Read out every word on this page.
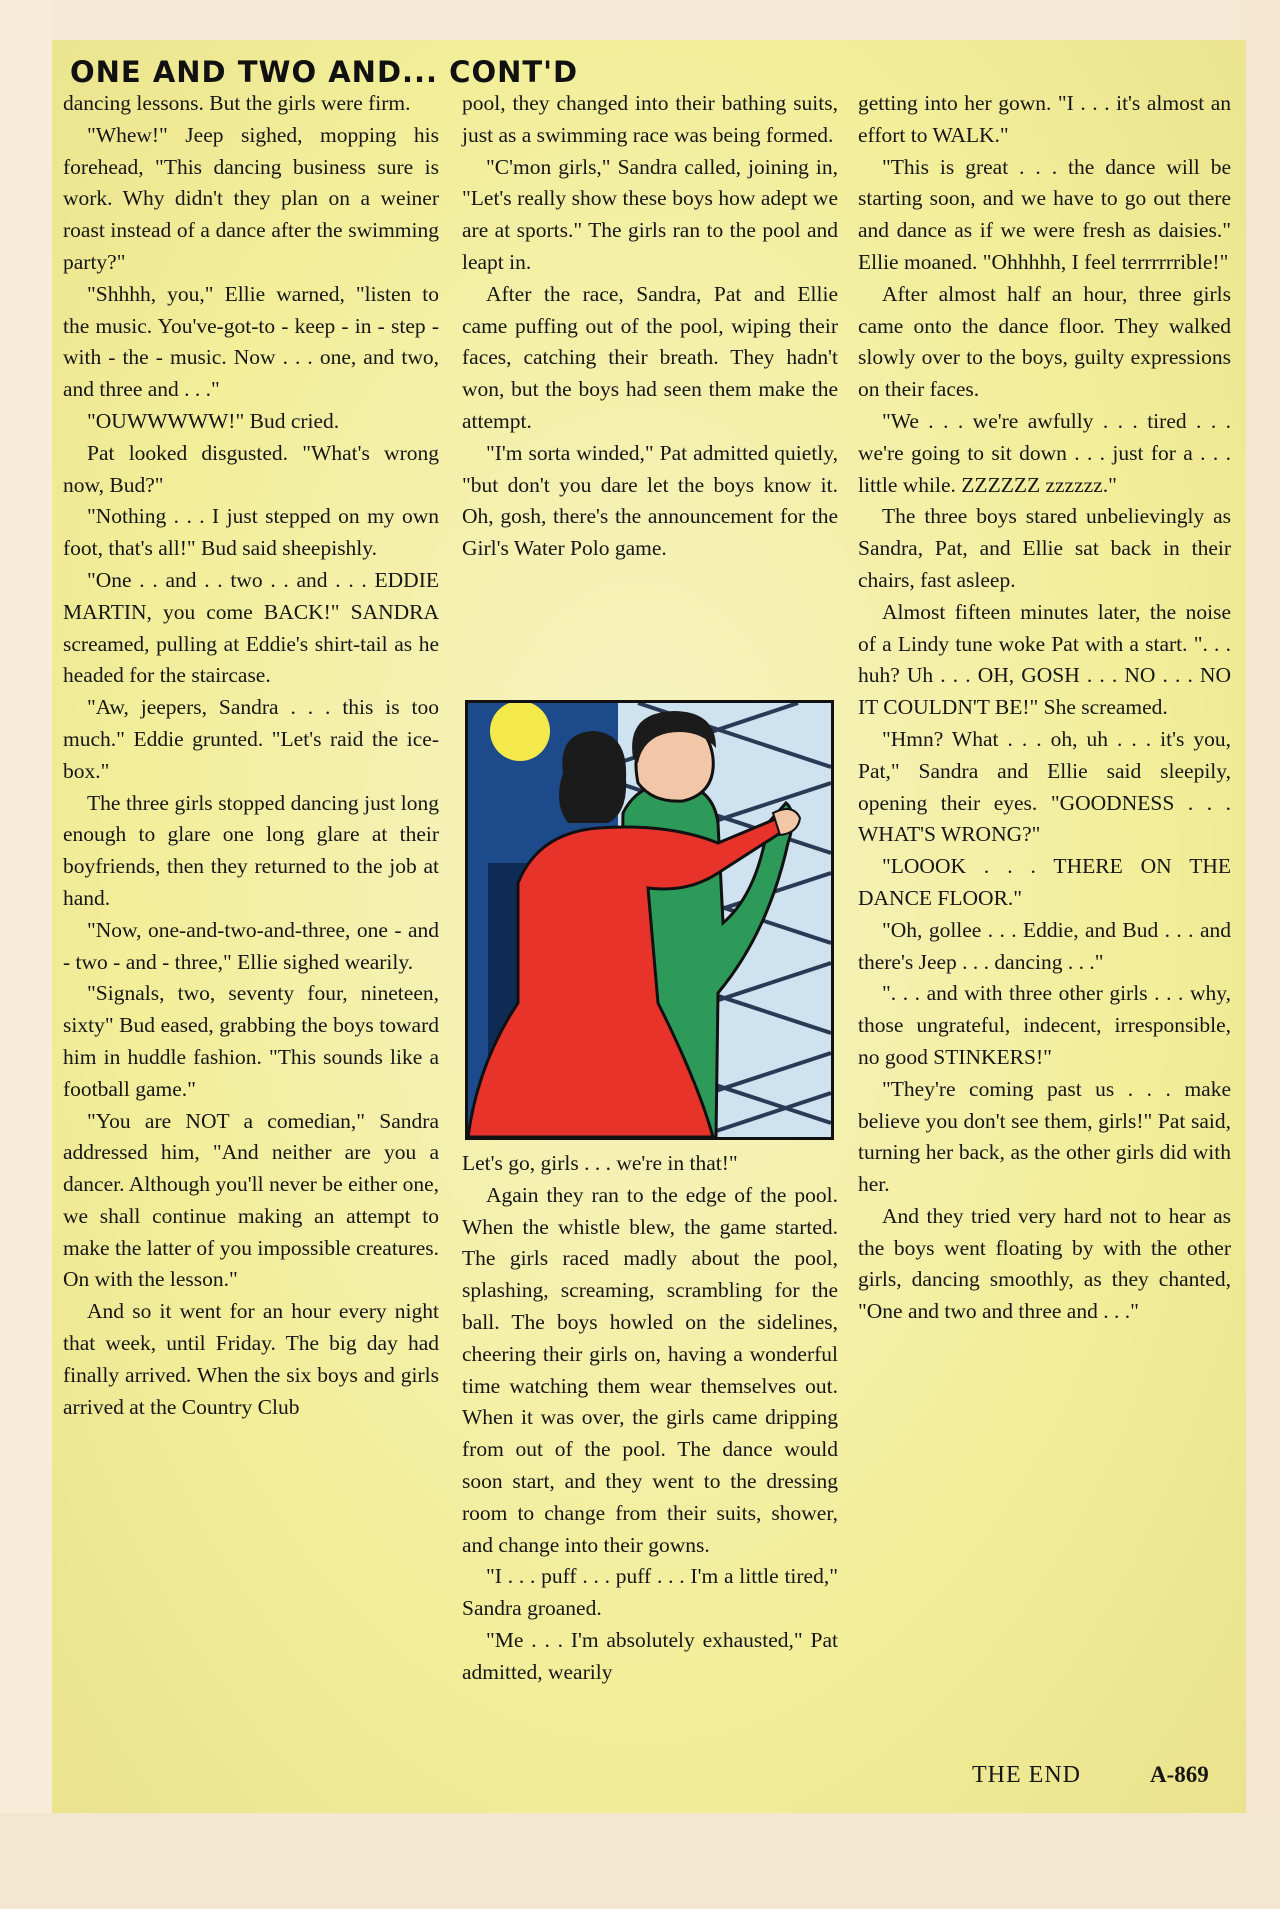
ONE AND TWO AND... CONT'D

dancing lessons. But the girls were firm.

"Whew!" Jeep sighed, mopping his forehead, "This dancing business sure is work. Why didn't they plan on a weiner roast instead of a dance after the swimming party?"

"Shhhh, you," Ellie warned, "listen to the music. You've-got-to - keep - in - step - with - the - music. Now . . . one, and two, and three and . . ."

"OUWWWWW!" Bud cried.

Pat looked disgusted. "What's wrong now, Bud?"

"Nothing . . . I just stepped on my own foot, that's all!" Bud said sheepishly.

"One . . and . . two . . and . . . EDDIE MARTIN, you come BACK!" SANDRA screamed, pulling at Eddie's shirt-tail as he headed for the staircase.

"Aw, jeepers, Sandra . . . this is too much." Eddie grunted. "Let's raid the ice-box."

The three girls stopped dancing just long enough to glare one long glare at their boyfriends, then they returned to the job at hand.

"Now, one-and-two-and-three, one - and - two - and - three," Ellie sighed wearily.

"Signals, two, seventy four, nineteen, sixty" Bud eased, grabbing the boys toward him in huddle fashion. "This sounds like a football game."

"You are NOT a comedian," Sandra addressed him, "And neither are you a dancer. Although you'll never be either one, we shall continue making an attempt to make the latter of you impossible creatures. On with the lesson."

And so it went for an hour every night that week, until Friday. The big day had finally arrived. When the six boys and girls arrived at the Country Club

pool, they changed into their bathing suits, just as a swimming race was being formed.

"C'mon girls," Sandra called, joining in, "Let's really show these boys how adept we are at sports." The girls ran to the pool and leapt in.

After the race, Sandra, Pat and Ellie came puffing out of the pool, wiping their faces, catching their breath. They hadn't won, but the boys had seen them make the attempt.

"I'm sorta winded," Pat admitted quietly, "but don't you dare let the boys know it. Oh, gosh, there's the announcement for the Girl's Water Polo game.

Let's go, girls . . . we're in that!"

Again they ran to the edge of the pool. When the whistle blew, the game started. The girls raced madly about the pool, splashing, screaming, scrambling for the ball. The boys howled on the sidelines, cheering their girls on, having a wonderful time watching them wear themselves out. When it was over, the girls came dripping from out of the pool. The dance would soon start, and they went to the dressing room to change from their suits, shower, and change into their gowns.

"I . . . puff . . . puff . . . I'm a little tired," Sandra groaned.

"Me . . . I'm absolutely exhausted," Pat admitted, wearily

getting into her gown. "I . . . it's almost an effort to WALK."

"This is great . . . the dance will be starting soon, and we have to go out there and dance as if we were fresh as daisies." Ellie moaned. "Ohhhhh, I feel terrrrrrible!"

After almost half an hour, three girls came onto the dance floor. They walked slowly over to the boys, guilty expressions on their faces.

"We . . . we're awfully . . . tired . . . we're going to sit down . . . just for a . . . little while. ZZZZZZ zzzzzz."

The three boys stared unbelievingly as Sandra, Pat, and Ellie sat back in their chairs, fast asleep.

Almost fifteen minutes later, the noise of a Lindy tune woke Pat with a start. ". . . huh? Uh . . . OH, GOSH . . . NO . . . NO IT COULDN'T BE!" She screamed.

"Hmn? What . . . oh, uh . . . it's you, Pat," Sandra and Ellie said sleepily, opening their eyes. "GOODNESS . . . WHAT'S WRONG?"

"LOOOK . . . THERE ON THE DANCE FLOOR."

"Oh, gollee . . . Eddie, and Bud . . . and there's Jeep . . . dancing . . ."

". . . and with three other girls . . . why, those ungrateful, indecent, irresponsible, no good STINKERS!"

"They're coming past us . . . make believe you don't see them, girls!" Pat said, turning her back, as the other girls did with her.

And they tried very hard not to hear as the boys went floating by with the other girls, dancing smoothly, as they chanted, "One and two and three and . . ."

THE END	A-869
